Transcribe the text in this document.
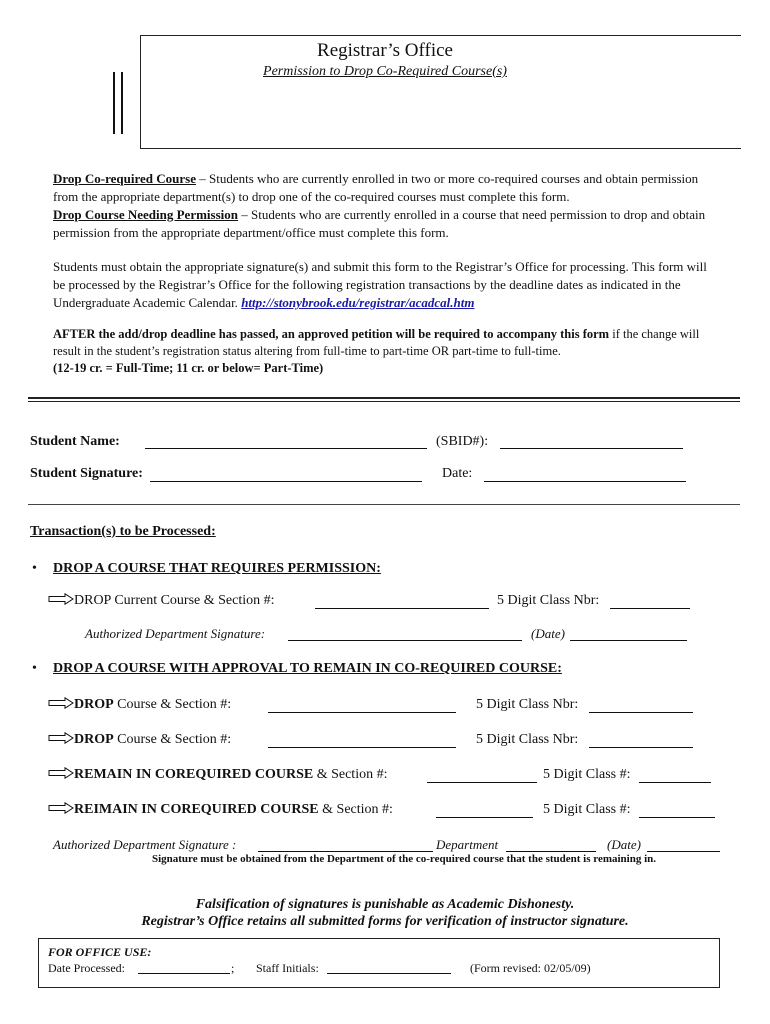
Registrar’s Office
Permission to Drop Co-Required Course(s)
Drop Co-required Course – Students who are currently enrolled in two or more co-required courses and obtain permission from the appropriate department(s) to drop one of the co-required courses must complete this form.
Drop Course Needing Permission – Students who are currently enrolled in a course that need permission to drop and obtain permission from the appropriate department/office must complete this form.
Students must obtain the appropriate signature(s) and submit this form to the Registrar’s Office for processing. This form will be processed by the Registrar’s Office for the following registration transactions by the deadline dates as indicated in the Undergraduate Academic Calendar. http://stonybrook.edu/registrar/acadcal.htm
AFTER the add/drop deadline has passed, an approved petition will be required to accompany this form if the change will result in the student’s registration status altering from full-time to part-time OR part-time to full-time.
(12-19 cr. = Full-Time; 11 cr. or below= Part-Time)
Student Name:	(SBID#):
Student Signature:	Date:
Transaction(s) to be Processed:
• DROP A COURSE THAT REQUIRES PERMISSION:
DROP Current Course & Section #:	5 Digit Class Nbr:
Authorized Department Signature:	(Date)
• DROP A COURSE WITH APPROVAL TO REMAIN IN CO-REQUIRED COURSE:
DROP Course & Section #:	5 Digit Class Nbr:
DROP Course & Section #:	5 Digit Class Nbr:
REMAIN IN COREQUIRED COURSE & Section #:	5 Digit Class #:
REIMAIN IN COREQUIRED COURSE & Section #:	5 Digit Class #:
Authorized Department Signature :	Department	(Date)
Signature must be obtained from the Department of the co-required course that the student is remaining in.
Falsification of signatures is punishable as Academic Dishonesty.
Registrar’s Office retains all submitted forms for verification of instructor signature.
FOR OFFICE USE:
Date Processed:	; Staff Initials:	(Form revised: 02/05/09)
